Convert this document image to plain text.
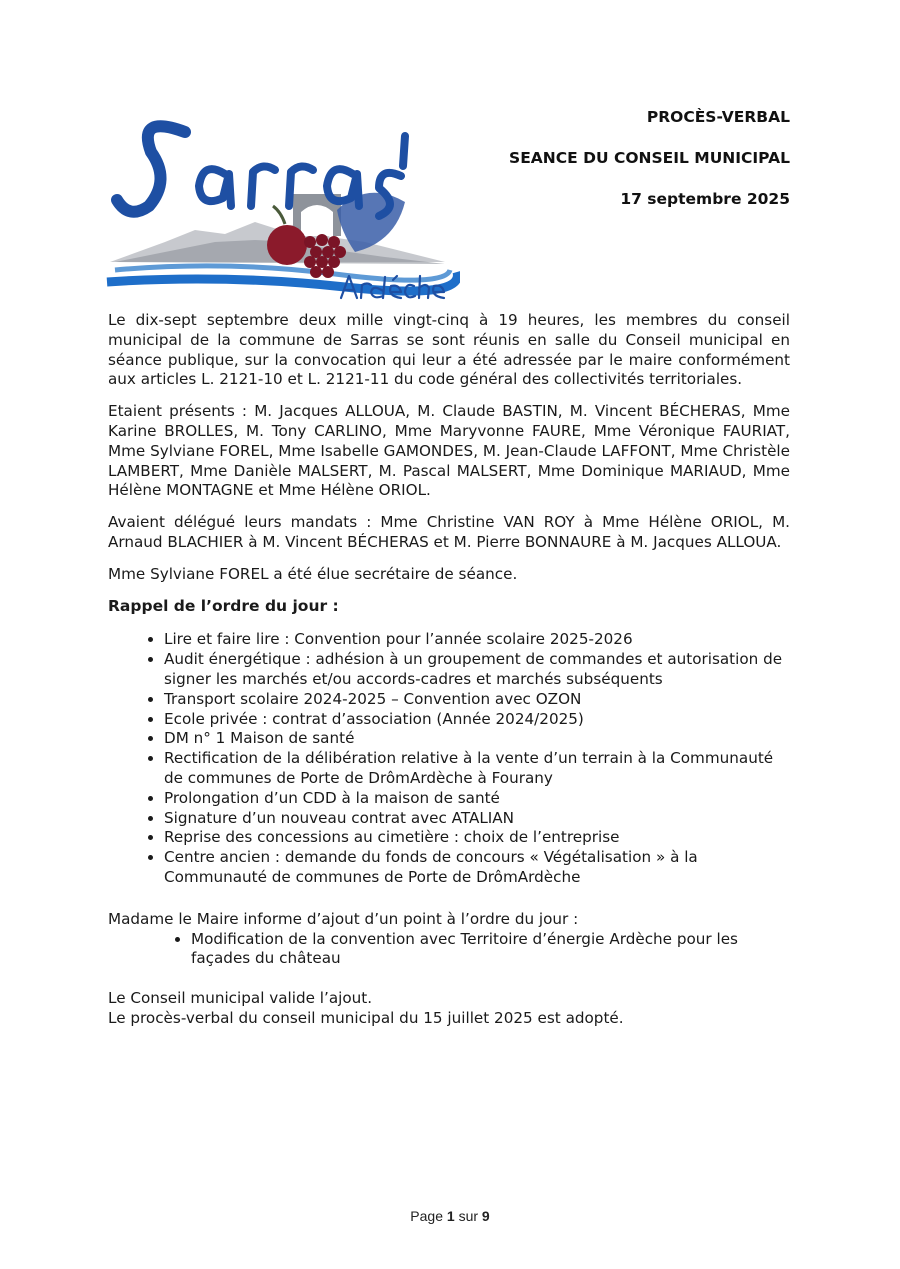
PROCÈS-VERBAL
SEANCE DU CONSEIL MUNICIPAL
17 septembre 2025

Le dix-sept septembre deux mille vingt-cinq à 19 heures, les membres du conseil municipal de la commune de Sarras se sont réunis en salle du Conseil municipal en séance publique, sur la convocation qui leur a été adressée par le maire conformément aux articles L. 2121-10 et L. 2121-11 du code général des collectivités territoriales.

Etaient présents : M. Jacques ALLOUA, M. Claude BASTIN, M. Vincent BÉCHERAS, Mme Karine BROLLES, M. Tony CARLINO, Mme Maryvonne FAURE, Mme Véronique FAURIAT, Mme Sylviane FOREL, Mme Isabelle GAMONDES, M. Jean-Claude LAFFONT, Mme Christèle LAMBERT, Mme Danièle MALSERT, M. Pascal MALSERT, Mme Dominique MARIAUD, Mme Hélène MONTAGNE et Mme Hélène ORIOL.

Avaient délégué leurs mandats : Mme Christine VAN ROY à Mme Hélène ORIOL, M. Arnaud BLACHIER à M. Vincent BÉCHERAS et M. Pierre BONNAURE à M. Jacques ALLOUA.

Mme Sylviane FOREL a été élue secrétaire de séance.

Rappel de l’ordre du jour :
• Lire et faire lire : Convention pour l’année scolaire 2025-2026
• Audit énergétique : adhésion à un groupement de commandes et autorisation de signer les marchés et/ou accords-cadres et marchés subséquents
• Transport scolaire 2024-2025 – Convention avec OZON
• Ecole privée : contrat d’association (Année 2024/2025)
• DM n° 1 Maison de santé
• Rectification de la délibération relative à la vente d’un terrain à la Communauté de communes de Porte de DrômArdèche à Fourany
• Prolongation d’un CDD à la maison de santé
• Signature d’un nouveau contrat avec ATALIAN
• Reprise des concessions au cimetière : choix de l’entreprise
• Centre ancien : demande du fonds de concours « Végétalisation » à la Communauté de communes de Porte de DrômArdèche

Madame le Maire informe d’ajout d’un point à l’ordre du jour :

• Modification de la convention avec Territoire d’énergie Ardèche pour les façades du château

Le Conseil municipal valide l’ajout.

Le procès-verbal du conseil municipal du 15 juillet 2025 est adopté.

Page 1 sur 9
